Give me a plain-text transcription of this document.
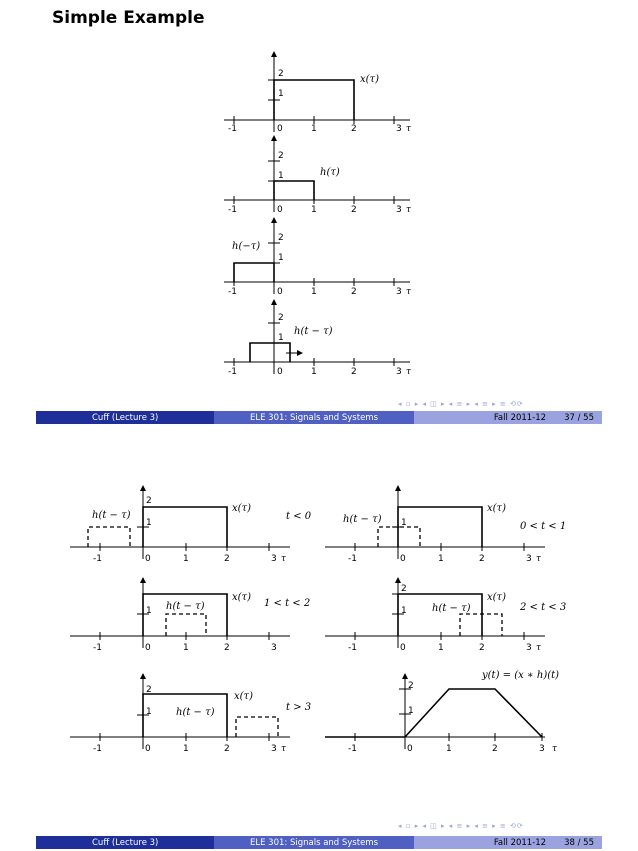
Simple Example
-1	0	1	2	3 τ
1
2	x(τ)
-1	0	1	2	3 τ
1
2
h(τ)
-1	0	1	2	3 τ
1
2
h(−τ)
-1	0	1	2	3 τ
1
2
h(t − τ)
◂ ▫ ▸ ◂ ◫ ▸ ◂ ≡ ▸ ◂ ≡ ▸ ≡ ⟲⟳
Cuff (Lecture 3)	ELE 301: Signals and Systems	Fall 2011-12 37 / 55
-1	0	1	2	3 τ
1
2
x(τ)
h(t − τ)	t < 0
-1	0	1	2	3 τ
1
x(τ)
h(t − τ)
0 < t < 1
-1	0	1	2	3
1
x(τ)
h(t − τ)	1 < t < 2
-1	0	1	2	3 τ
1
2
x(τ)
h(t − τ)	2 < t < 3
-1	0	1	2	3 τ
1
2
x(τ)
h(t − τ)	t > 3
-1	0	1	2	3 τ
1
2
y(t) = (x ∗ h)(t)
◂ ▫ ▸ ◂ ◫ ▸ ◂ ≡ ▸ ◂ ≡ ▸ ≡ ⟲⟳
Cuff (Lecture 3)	ELE 301: Signals and Systems	Fall 2011-12 38 / 55
